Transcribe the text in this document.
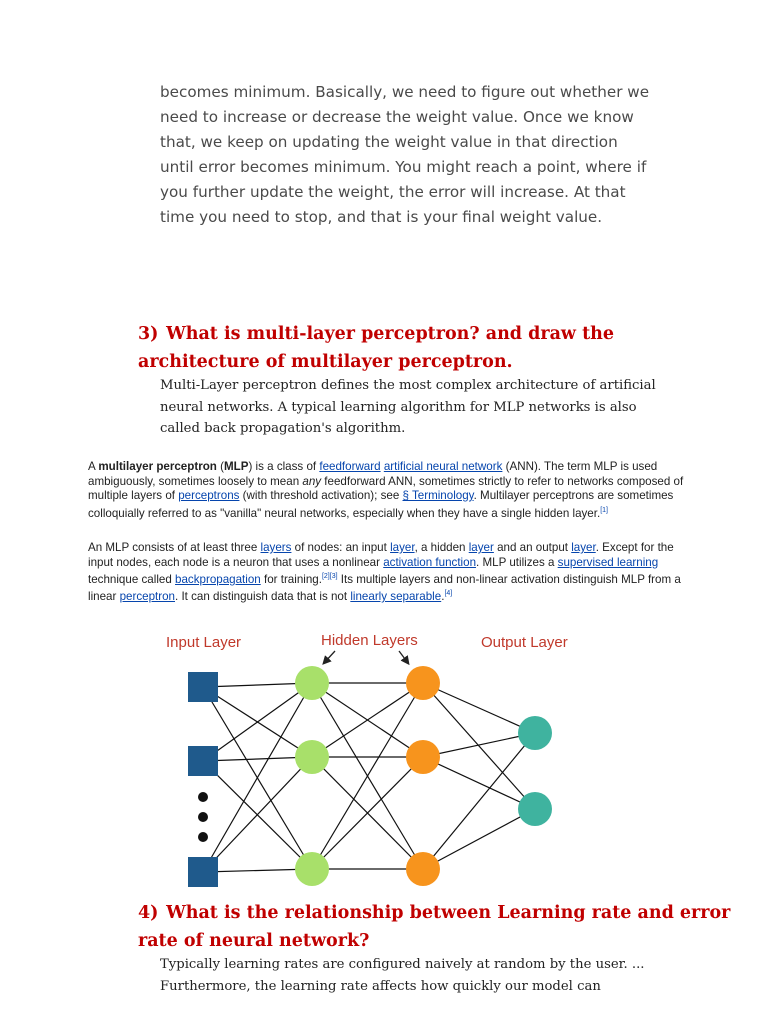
becomes minimum. Basically, we need to figure out whether we need to increase or decrease the weight value. Once we know that, we keep on updating the weight value in that direction until error becomes minimum. You might reach a point, where if you further update the weight, the error will increase. At that time you need to stop, and that is your final weight value.

3) What is multi-layer perceptron? and draw the architecture of multilayer perceptron.

Multi-Layer perceptron defines the most complex architecture of artificial neural networks. A typical learning algorithm for MLP networks is also called back propagation's algorithm.

A multilayer perceptron (MLP) is a class of feedforward artificial neural network (ANN). The term MLP is used ambiguously, sometimes loosely to mean any feedforward ANN, sometimes strictly to refer to networks composed of multiple layers of perceptrons (with threshold activation); see § Terminology. Multilayer perceptrons are sometimes colloquially referred to as "vanilla" neural networks, especially when they have a single hidden layer.[1]

An MLP consists of at least three layers of nodes: an input layer, a hidden layer and an output layer. Except for the input nodes, each node is a neuron that uses a nonlinear activation function. MLP utilizes a supervised learning technique called backpropagation for training.[2][3] Its multiple layers and non-linear activation distinguish MLP from a linear perceptron. It can distinguish data that is not linearly separable.[4]

Input Layer	Hidden Layers	Output Layer
4) What is the relationship between Learning rate and error rate of neural network?

Typically learning rates are configured naively at random by the user. ... Furthermore, the learning rate affects how quickly our model can
